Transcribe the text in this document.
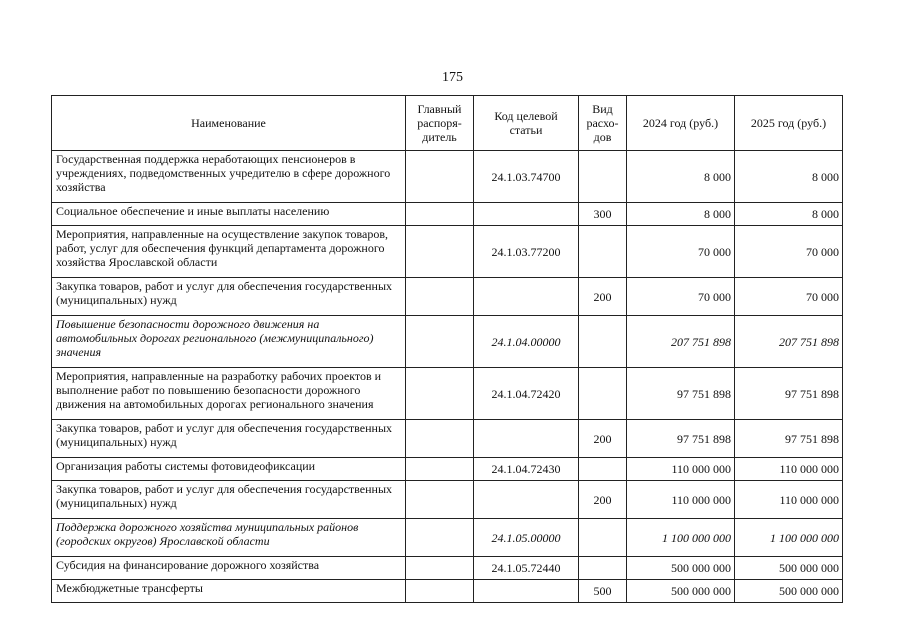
175
Наименование	Главный распоря-дитель	Код целевой статьи	Вид расхо-дов	2024 год (руб.)	2025 год (руб.)
Государственная поддержка неработающих пенсионеров в учреждениях, подведомственных учредителю в сфере дорожного хозяйства		24.1.03.74700		8 000	8 000
Социальное обеспечение и иные выплаты населению			300	8 000	8 000
Мероприятия, направленные на осуществление закупок товаров, работ, услуг для обеспечения функций департамента дорожного хозяйства Ярославской области		24.1.03.77200		70 000	70 000
Закупка товаров, работ и услуг для обеспечения государственных (муниципальных) нужд			200	70 000	70 000
Повышение безопасности дорожного движения на автомобильных дорогах регионального (межмуниципального) значения		24.1.04.00000		207 751 898	207 751 898
Мероприятия, направленные на разработку рабочих проектов и выполнение работ по повышению безопасности дорожного движения на автомобильных дорогах регионального значения		24.1.04.72420		97 751 898	97 751 898
Закупка товаров, работ и услуг для обеспечения государственных (муниципальных) нужд			200	97 751 898	97 751 898
Организация работы системы фотовидеофиксации		24.1.04.72430		110 000 000	110 000 000
Закупка товаров, работ и услуг для обеспечения государственных (муниципальных) нужд			200	110 000 000	110 000 000
Поддержка дорожного хозяйства муниципальных районов (городских округов) Ярославской области		24.1.05.00000		1 100 000 000	1 100 000 000
Субсидия на финансирование дорожного хозяйства		24.1.05.72440		500 000 000	500 000 000
Межбюджетные трансферты			500	500 000 000	500 000 000
